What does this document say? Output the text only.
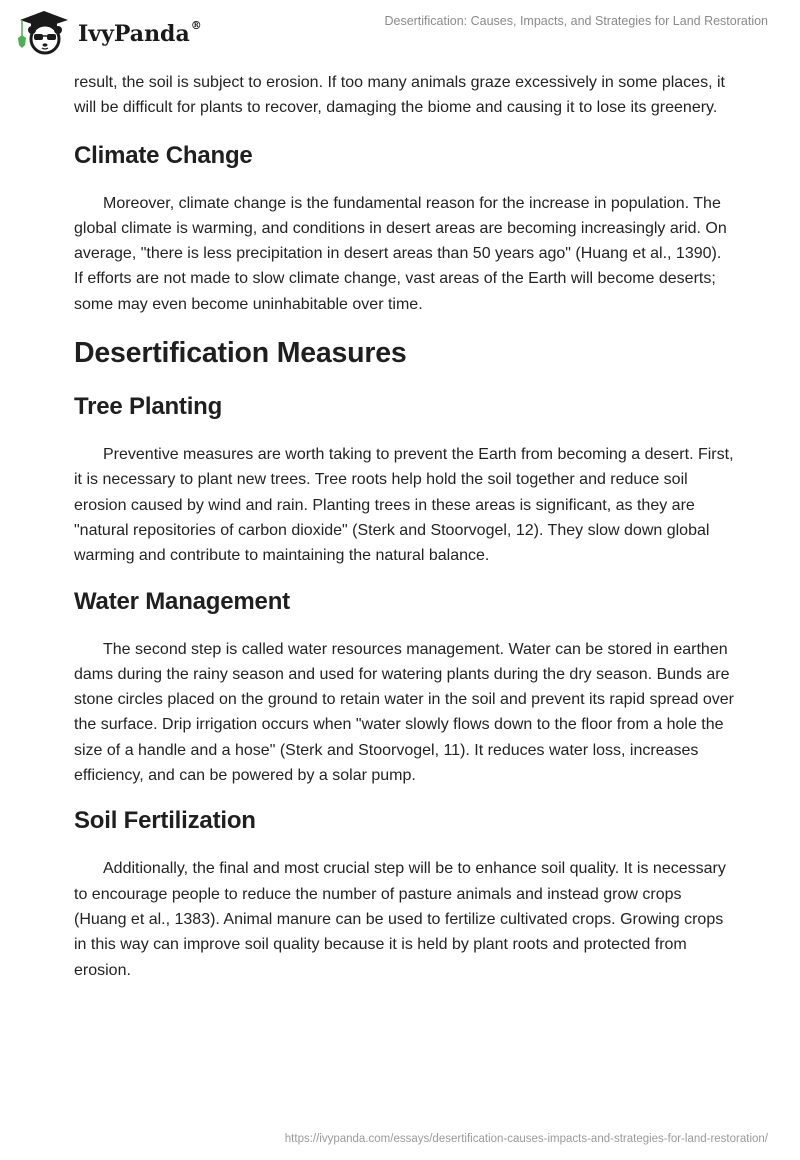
IvyPanda®	Desertification: Causes, Impacts, and Strategies for Land Restoration

result, the soil is subject to erosion. If too many animals graze excessively in some places, it will be difficult for plants to recover, damaging the biome and causing it to lose its greenery.

Climate Change

Moreover, climate change is the fundamental reason for the increase in population. The global climate is warming, and conditions in desert areas are becoming increasingly arid. On average, "there is less precipitation in desert areas than 50 years ago" (Huang et al., 1390). If efforts are not made to slow climate change, vast areas of the Earth will become deserts; some may even become uninhabitable over time.

Desertification Measures
Tree Planting

Preventive measures are worth taking to prevent the Earth from becoming a desert. First, it is necessary to plant new trees. Tree roots help hold the soil together and reduce soil erosion caused by wind and rain. Planting trees in these areas is significant, as they are "natural repositories of carbon dioxide" (Sterk and Stoorvogel, 12). They slow down global warming and contribute to maintaining the natural balance.

Water Management

The second step is called water resources management. Water can be stored in earthen dams during the rainy season and used for watering plants during the dry season. Bunds are stone circles placed on the ground to retain water in the soil and prevent its rapid spread over the surface. Drip irrigation occurs when "water slowly flows down to the floor from a hole the size of a handle and a hose" (Sterk and Stoorvogel, 11). It reduces water loss, increases efficiency, and can be powered by a solar pump.

Soil Fertilization

Additionally, the final and most crucial step will be to enhance soil quality. It is necessary to encourage people to reduce the number of pasture animals and instead grow crops (Huang et al., 1383). Animal manure can be used to fertilize cultivated crops. Growing crops in this way can improve soil quality because it is held by plant roots and protected from erosion.

https://ivypanda.com/essays/desertification-causes-impacts-and-strategies-for-land-restoration/
